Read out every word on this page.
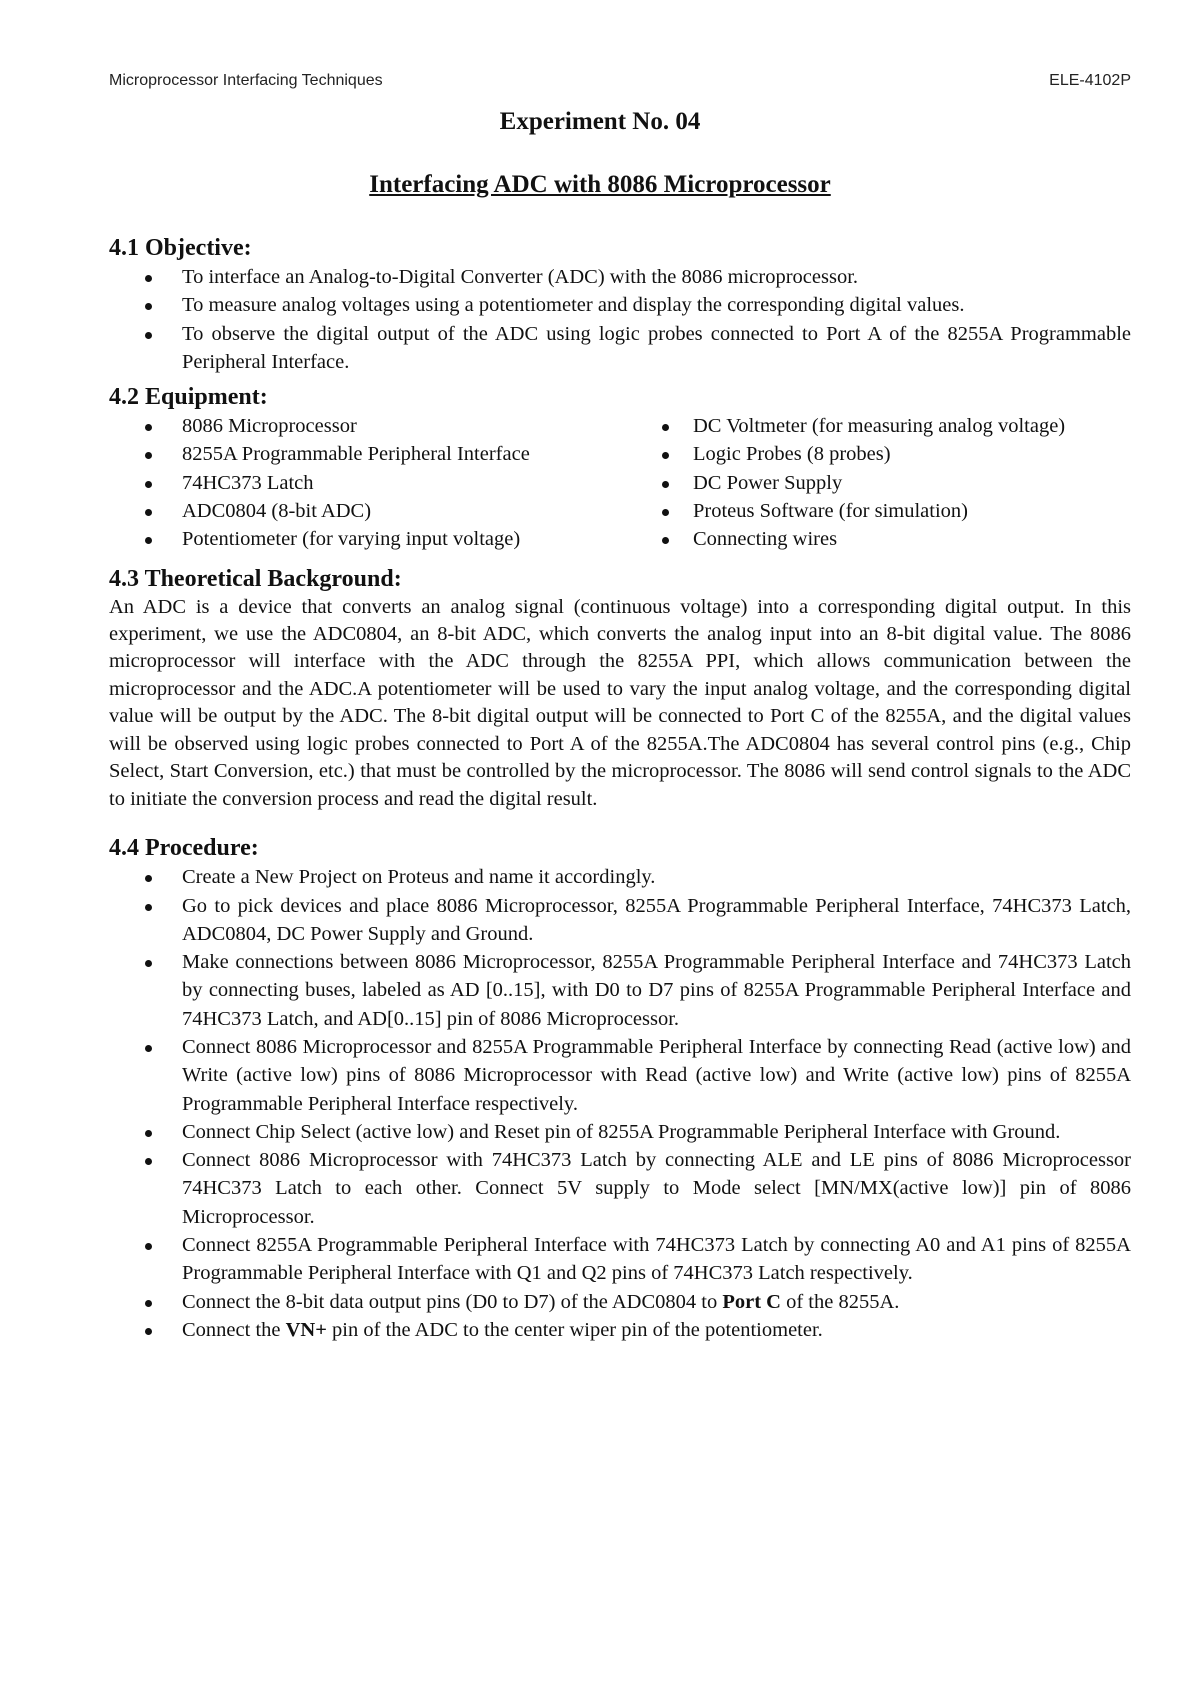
Microprocessor Interfacing Techniques	ELE-4102P
Experiment No. 04
Interfacing ADC with 8086 Microprocessor
4.1 Objective:
To interface an Analog-to-Digital Converter (ADC) with the 8086 microprocessor.
To measure analog voltages using a potentiometer and display the corresponding digital values.
To observe the digital output of the ADC using logic probes connected to Port A of the 8255A Programmable Peripheral Interface.
4.2 Equipment:
8086 Microprocessor
8255A Programmable Peripheral Interface
74HC373 Latch
ADC0804 (8-bit ADC)
Potentiometer (for varying input voltage)
DC Voltmeter (for measuring analog voltage)
Logic Probes (8 probes)
DC Power Supply
Proteus Software (for simulation)
Connecting wires
4.3 Theoretical Background:

An ADC is a device that converts an analog signal (continuous voltage) into a corresponding digital output. In this experiment, we use the ADC0804, an 8-bit ADC, which converts the analog input into an 8-bit digital value. The 8086 microprocessor will interface with the ADC through the 8255A PPI, which allows communication between the microprocessor and the ADC.A potentiometer will be used to vary the input analog voltage, and the corresponding digital value will be output by the ADC. The 8-bit digital output will be connected to Port C of the 8255A, and the digital values will be observed using logic probes connected to Port A of the 8255A.The ADC0804 has several control pins (e.g., Chip Select, Start Conversion, etc.) that must be controlled by the microprocessor. The 8086 will send control signals to the ADC to initiate the conversion process and read the digital result.

4.4 Procedure:
Create a New Project on Proteus and name it accordingly.
Go to pick devices and place 8086 Microprocessor, 8255A Programmable Peripheral Interface, 74HC373 Latch, ADC0804, DC Power Supply and Ground.
Make connections between 8086 Microprocessor, 8255A Programmable Peripheral Interface and 74HC373 Latch by connecting buses, labeled as AD [0..15], with D0 to D7 pins of 8255A Programmable Peripheral Interface and 74HC373 Latch, and AD[0..15] pin of 8086 Microprocessor.
Connect 8086 Microprocessor and 8255A Programmable Peripheral Interface by connecting Read (active low) and Write (active low) pins of 8086 Microprocessor with Read (active low) and Write (active low) pins of 8255A Programmable Peripheral Interface respectively.
Connect Chip Select (active low) and Reset pin of 8255A Programmable Peripheral Interface with Ground.
Connect 8086 Microprocessor with 74HC373 Latch by connecting ALE and LE pins of 8086 Microprocessor 74HC373 Latch to each other. Connect 5V supply to Mode select [MN/MX(active low)] pin of 8086 Microprocessor.
Connect 8255A Programmable Peripheral Interface with 74HC373 Latch by connecting A0 and A1 pins of 8255A Programmable Peripheral Interface with Q1 and Q2 pins of 74HC373 Latch respectively.
Connect the 8-bit data output pins (D0 to D7) of the ADC0804 to Port C of the 8255A.
Connect the VN+ pin of the ADC to the center wiper pin of the potentiometer.
